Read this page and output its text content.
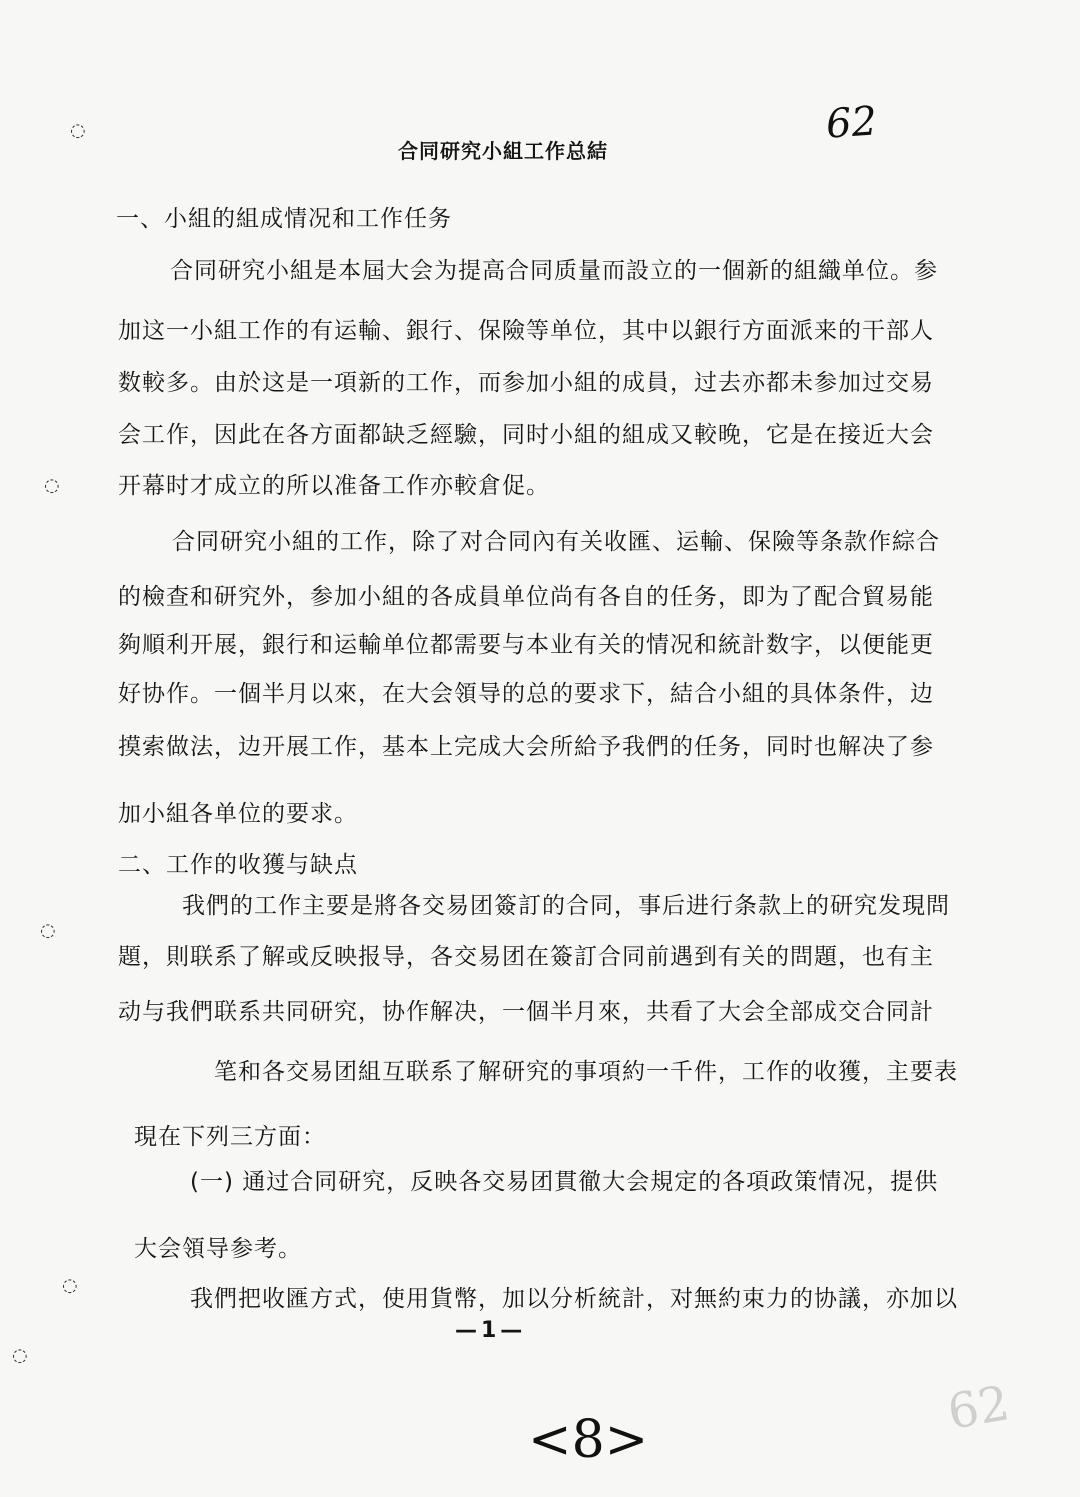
62
合同研究小組工作总結
一、小組的組成情况和工作任务
合同研究小組是本屆大会为提高合同质量而設立的一個新的組織单位。参
加这一小組工作的有运輸、銀行、保險等单位，其中以銀行方面派来的干部人
数較多。由於这是一項新的工作，而参加小組的成員，过去亦都未参加过交易
会工作，因此在各方面都缺乏經驗，同时小組的組成又較晚，它是在接近大会
开幕时才成立的所以准备工作亦較倉促。
合同研究小組的工作，除了对合同內有关收匯、运輸、保險等条款作綜合
的檢查和研究外，参加小組的各成員单位尚有各自的任务，即为了配合貿易能
夠順利开展，銀行和运輸单位都需要与本业有关的情况和統計数字，以便能更
好协作。一個半月以來，在大会領导的总的要求下，結合小組的具体条件，边
摸索做法，边开展工作，基本上完成大会所給予我們的任务，同时也解决了参
加小組各单位的要求。
二、工作的收獲与缺点
我們的工作主要是將各交易团簽訂的合同，事后进行条款上的研究发現問
題，則联系了解或反映报导，各交易团在簽訂合同前遇到有关的問題，也有主
动与我們联系共同研究，协作解决，一個半月來，共看了大会全部成交合同計
笔和各交易团組互联系了解研究的事項約一千件，工作的收獲，主要表
現在下列三方面：
(一) 通过合同研究，反映各交易团貫徹大会規定的各項政策情况，提供
大会領导参考。
我們把收匯方式，使用貨幣，加以分析統計，对無約束力的协議，亦加以
—1—
<8>	62
◌
◌
◌
◌
◌
